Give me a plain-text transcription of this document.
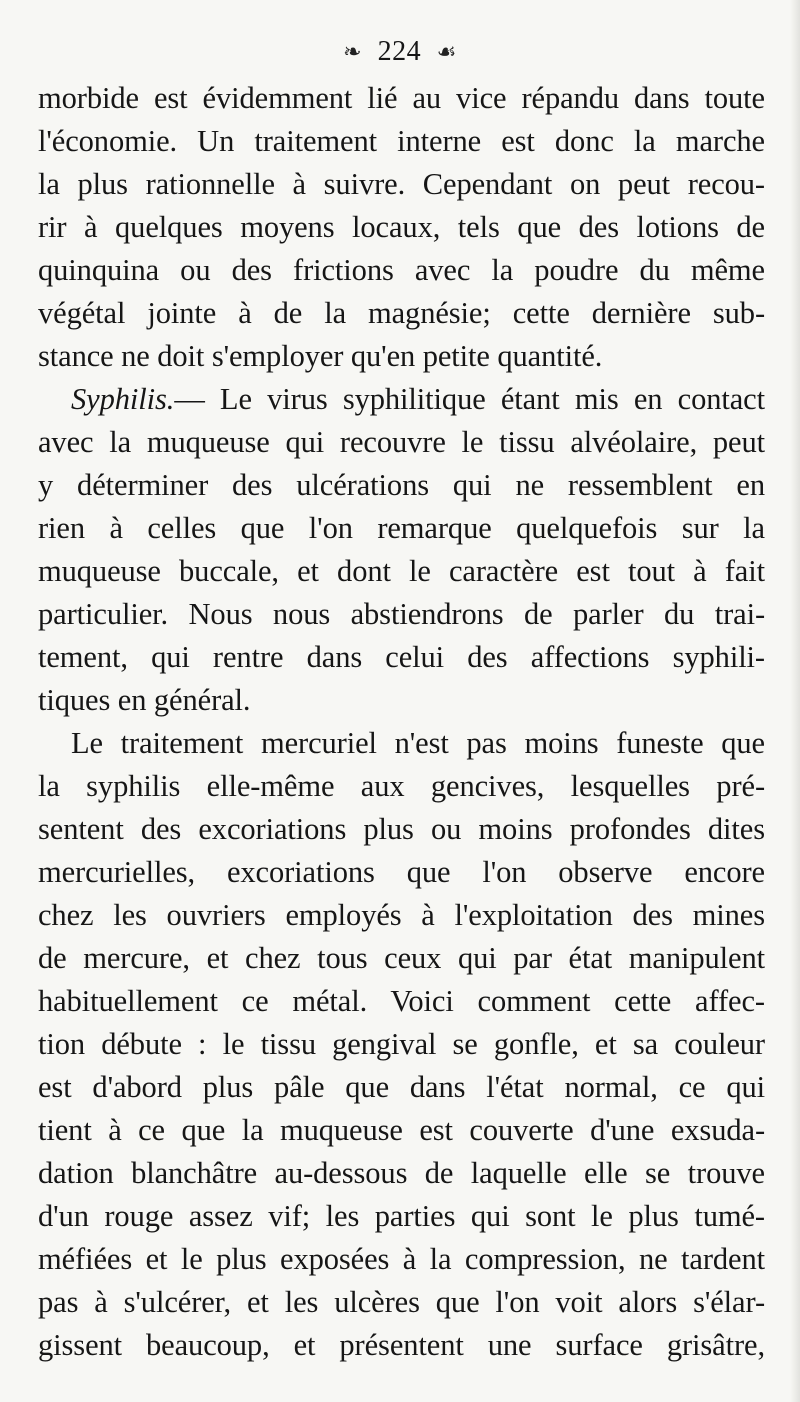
❧ 224 ☙
morbide est évidemment lié au vice répandu dans toute
l'économie. Un traitement interne est donc la marche
la plus rationnelle à suivre. Cependant on peut recou-
rir à quelques moyens locaux, tels que des lotions de
quinquina ou des frictions avec la poudre du même
végétal jointe à de la magnésie; cette dernière sub-
stance ne doit s'employer qu'en petite quantité.
Syphilis.— Le virus syphilitique étant mis en contact
avec la muqueuse qui recouvre le tissu alvéolaire, peut
y déterminer des ulcérations qui ne ressemblent en
rien à celles que l'on remarque quelquefois sur la
muqueuse buccale, et dont le caractère est tout à fait
particulier. Nous nous abstiendrons de parler du trai-
tement, qui rentre dans celui des affections syphili-
tiques en général.
Le traitement mercuriel n'est pas moins funeste que
la syphilis elle-même aux gencives, lesquelles pré-
sentent des excoriations plus ou moins profondes dites
mercurielles, excoriations que l'on observe encore
chez les ouvriers employés à l'exploitation des mines
de mercure, et chez tous ceux qui par état manipulent
habituellement ce métal. Voici comment cette affec-
tion débute : le tissu gengival se gonfle, et sa couleur
est d'abord plus pâle que dans l'état normal, ce qui
tient à ce que la muqueuse est couverte d'une exsuda-
dation blanchâtre au-dessous de laquelle elle se trouve
d'un rouge assez vif; les parties qui sont le plus tumé-
méfiées et le plus exposées à la compression, ne tardent
pas à s'ulcérer, et les ulcères que l'on voit alors s'élar-
gissent beaucoup, et présentent une surface grisâtre,
